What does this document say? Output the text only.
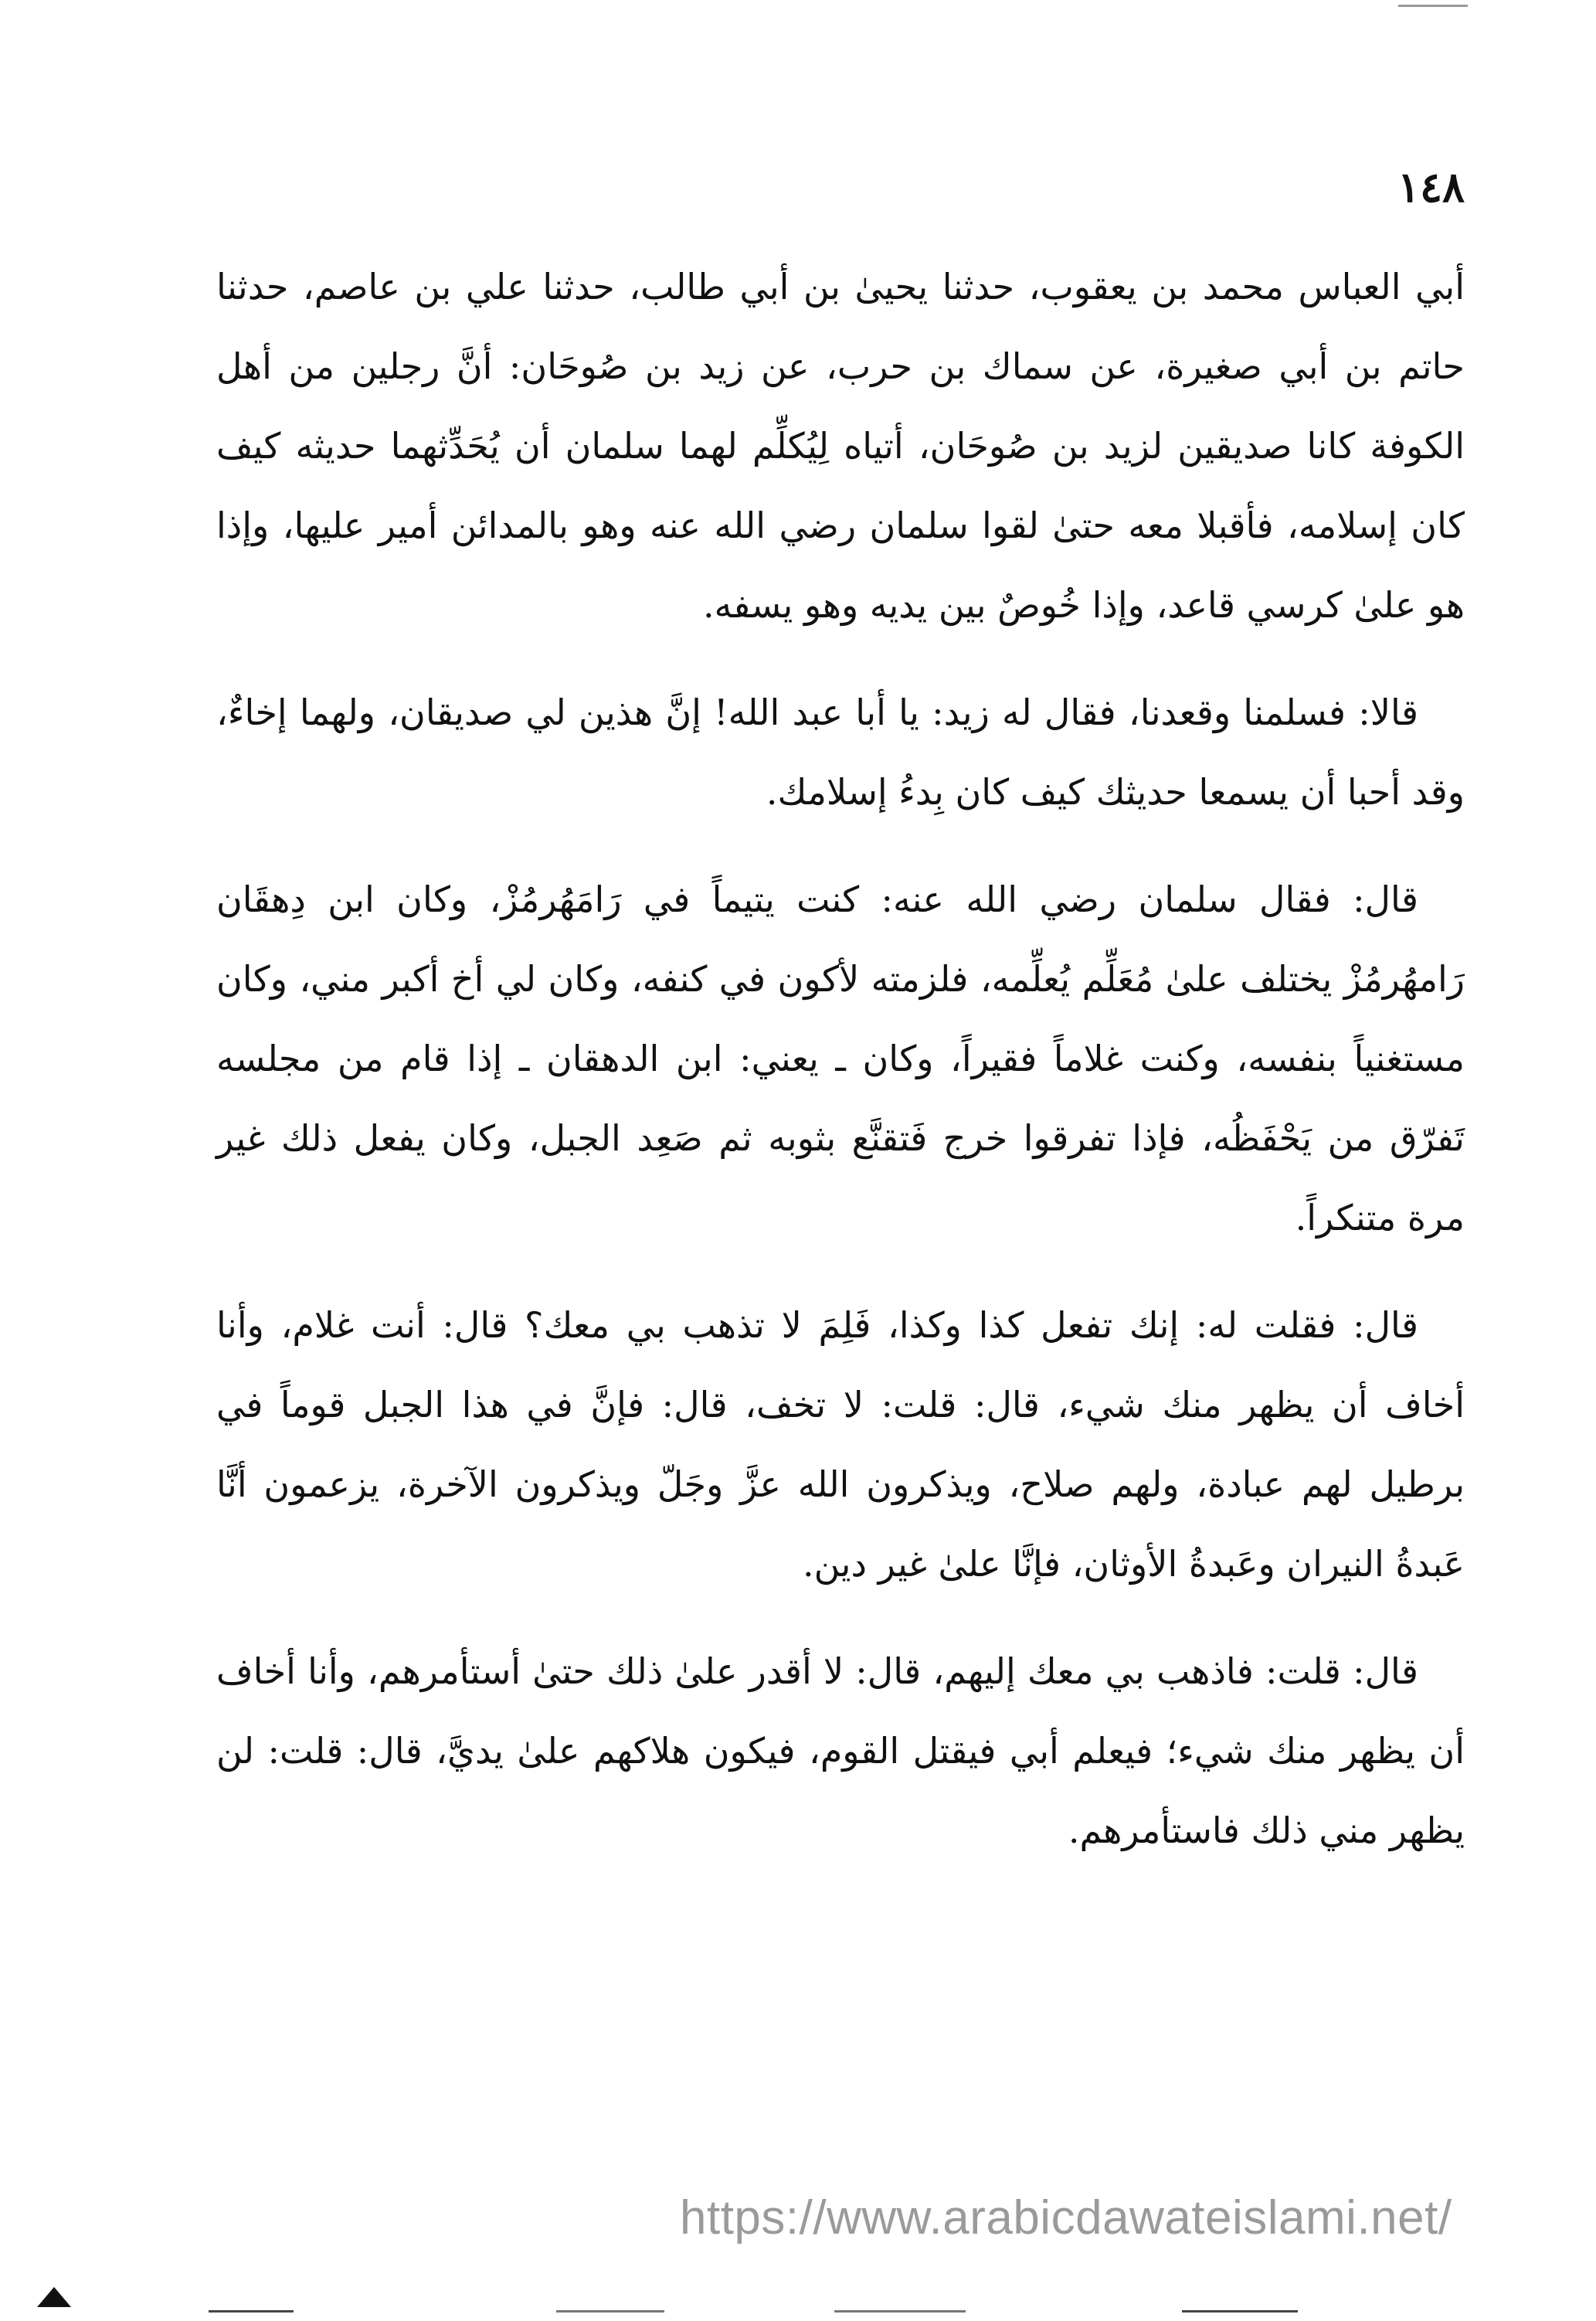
١٤٨

أبي العباس محمد بن يعقوب، حدثنا يحيىٰ بن أبي طالب، حدثنا علي بن عاصم، حدثنا حاتم بن أبي صغيرة، عن سماك بن حرب، عن زيد بن صُوحَان: أنَّ رجلين من أهل الكوفة كانا صديقين لزيد بن صُوحَان، أتياه لِيُكلِّم لهما سلمان أن يُحَدِّثهما حديثه كيف كان إسلامه، فأقبلا معه حتىٰ لقوا سلمان رضي الله عنه وهو بالمدائن أمير عليها، وإذا هو علىٰ كرسي قاعد، وإذا خُوصٌ بين يديه وهو يسفه.

قالا: فسلمنا وقعدنا، فقال له زيد: يا أبا عبد الله! إنَّ هذين لي صديقان، ولهما إخاءٌ، وقد أحبا أن يسمعا حديثك كيف كان بِدءُ إسلامك.

قال: فقال سلمان رضي الله عنه: كنت يتيماً في رَامَهُرمُزْ، وكان ابن دِهقَان رَامهُرمُزْ يختلف علىٰ مُعَلِّم يُعلِّمه، فلزمته لأكون في كنفه، وكان لي أخ أكبر مني، وكان مستغنياً بنفسه، وكنت غلاماً فقيراً، وكان ـ يعني: ابن الدهقان ـ إذا قام من مجلسه تَفرّق من يَحْفَظُه، فإذا تفرقوا خرج فَتقنَّع بثوبه ثم صَعِد الجبل، وكان يفعل ذلك غير مرة متنكراً.

قال: فقلت له: إنك تفعل كذا وكذا، فَلِمَ لا تذهب بي معك؟ قال: أنت غلام، وأنا أخاف أن يظهر منك شيء، قال: قلت: لا تخف، قال: فإنَّ في هذا الجبل قوماً في برطيل لهم عبادة، ولهم صلاح، ويذكرون الله عزَّ وجَلّ ويذكرون الآخرة، يزعمون أنَّا عَبدةُ النيران وعَبدةُ الأوثان، فإنَّا علىٰ غير دين.

قال: قلت: فاذهب بي معك إليهم، قال: لا أقدر علىٰ ذلك حتىٰ أستأمرهم، وأنا أخاف أن يظهر منك شيء؛ فيعلم أبي فيقتل القوم، فيكون هلاكهم علىٰ يديَّ، قال: قلت: لن يظهر مني ذلك فاستأمرهم.

https://www.arabicdawateislami.net/
